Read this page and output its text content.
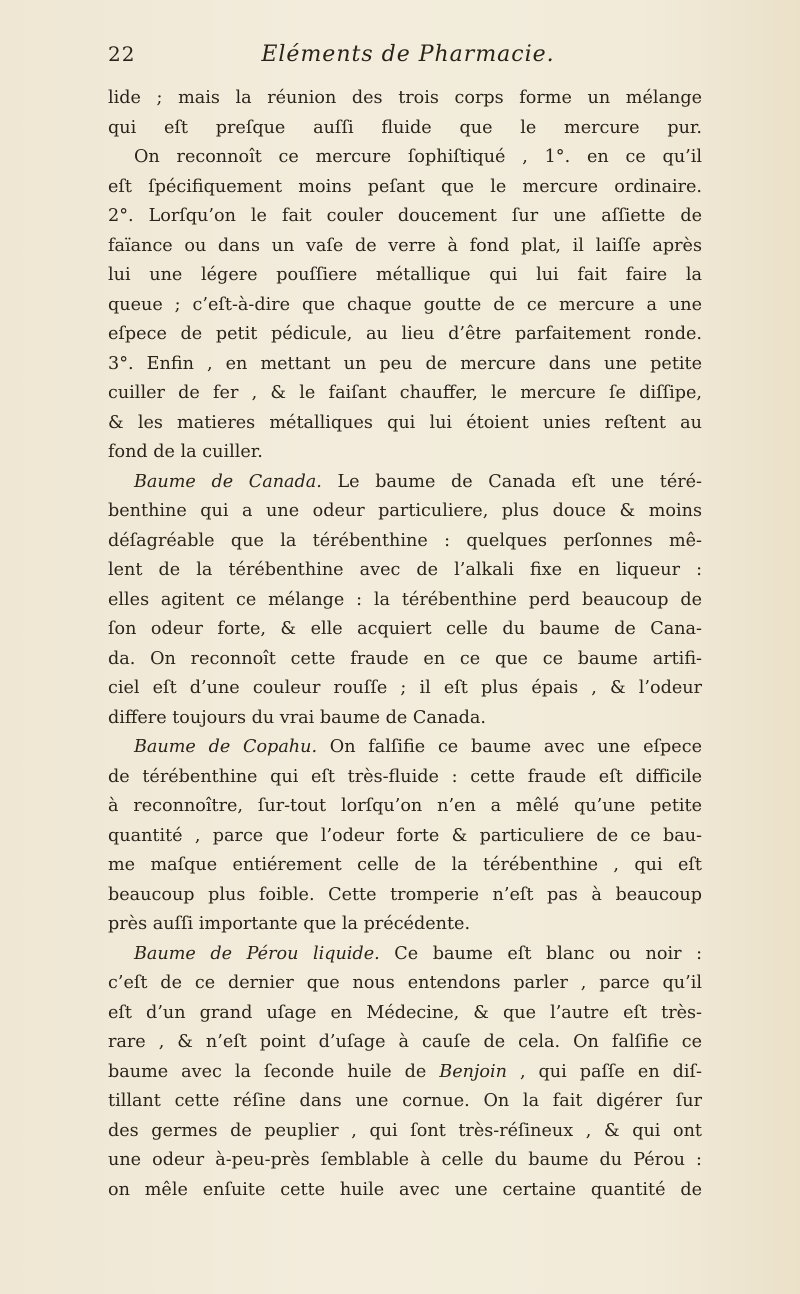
22	Eléments de Pharmacie.
lide ; mais la réunion des trois corps forme un mélange
qui eſt preſque auſſi fluide que le mercure pur.
On reconnoît ce mercure ſophiſtiqué , 1°. en ce qu’il
eſt ſpécifiquement moins peſant que le mercure ordinaire.
2°. Lorſqu’on le fait couler doucement ſur une aſſiette de
faïance ou dans un vaſe de verre à fond plat, il laiſſe après
lui une légere pouſſiere métallique qui lui fait faire la
queue ; c’eſt-à-dire que chaque goutte de ce mercure a une
eſpece de petit pédicule, au lieu d’être parfaitement ronde.
3°. Enfin , en mettant un peu de mercure dans une petite
cuiller de fer , & le faiſant chauffer, le mercure ſe diſſipe,
& les matieres métalliques qui lui étoient unies reſtent au
fond de la cuiller.
Baume de Canada. Le baume de Canada eſt une téré-
benthine qui a une odeur particuliere, plus douce & moins
déſagréable que la térébenthine : quelques perſonnes mê-
lent de la térébenthine avec de l’alkali fixe en liqueur :
elles agitent ce mélange : la térébenthine perd beaucoup de
ſon odeur forte, & elle acquiert celle du baume de Cana-
da. On reconnoît cette fraude en ce que ce baume artifi-
ciel eſt d’une couleur rouſſe ; il eſt plus épais , & l’odeur
differe toujours du vrai baume de Canada.
Baume de Copahu. On falſifie ce baume avec une eſpece
de térébenthine qui eſt très-fluide : cette fraude eſt difficile
à reconnoître, ſur-tout lorſqu’on n’en a mêlé qu’une petite
quantité , parce que l’odeur forte & particuliere de ce bau-
me maſque entiérement celle de la térébenthine , qui eſt
beaucoup plus foible. Cette tromperie n’eſt pas à beaucoup
près auſſi importante que la précédente.
Baume de Pérou liquide. Ce baume eſt blanc ou noir :
c’eſt de ce dernier que nous entendons parler , parce qu’il
eſt d’un grand uſage en Médecine, & que l’autre eſt très-
rare , & n’eſt point d’uſage à cauſe de cela. On falſifie ce
baume avec la ſeconde huile de Benjoin , qui paſſe en diſ-
tillant cette réſine dans une cornue. On la fait digérer ſur
des germes de peuplier , qui ſont très-réſineux , & qui ont
une odeur à-peu-près ſemblable à celle du baume du Pérou :
on mêle enſuite cette huile avec une certaine quantité de
